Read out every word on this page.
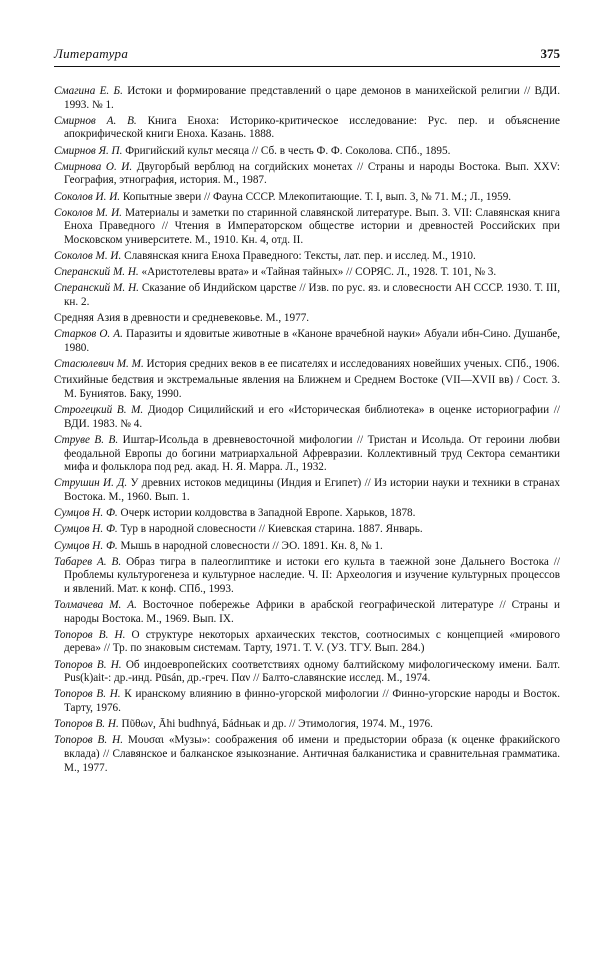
Литература	375
Смагина Е. Б. Истоки и формирование представлений о царе демонов в манихейской религии // ВДИ. 1993. № 1.
Смирнов А. В. Книга Еноха: Историко-критическое исследование: Рус. пер. и объяснение апокрифической книги Еноха. Казань. 1888.
Смирнов Я. П. Фригийский культ месяца // Сб. в честь Ф. Ф. Соколова. СПб., 1895.
Смирнова О. И. Двугорбый верблюд на согдийских монетах // Страны и народы Востока. Вып. XXV: География, этнография, история. М., 1987.
Соколов И. И. Копытные звери // Фауна СССР. Млекопитающие. Т. I, вып. 3, № 71. М.; Л., 1959.
Соколов М. И. Материалы и заметки по старинной славянской литературе. Вып. 3. VII: Славянская книга Еноха Праведного // Чтения в Императорском обществе истории и древностей Российских при Московском университете. М., 1910. Кн. 4, отд. II.
Соколов М. И. Славянская книга Еноха Праведного: Тексты, лат. пер. и исслед. М., 1910.
Сперанский М. Н. «Аристотелевы врата» и «Тайная тайных» // СОРЯС. Л., 1928. Т. 101, № 3.
Сперанский М. Н. Сказание об Индийском царстве // Изв. по рус. яз. и словесности АН СССР. 1930. Т. III, кн. 2.
Средняя Азия в древности и средневековье. М., 1977.
Старков О. А. Паразиты и ядовитые животные в «Каноне врачебной науки» Абуали ибн-Сино. Душанбе, 1980.
Стасюлевич М. М. История средних веков в ее писателях и исследованиях новейших ученых. СПб., 1906.
Стихийные бедствия и экстремальные явления на Ближнем и Среднем Востоке (VII—XVII вв) / Сост. З. М. Буниятов. Баку, 1990.
Строгецкий В. М. Диодор Сицилийский и его «Историческая библиотека» в оценке историографии // ВДИ. 1983. № 4.
Струве В. В. Иштар-Исольда в древневосточной мифологии // Тристан и Исольда. От героини любви феодальной Европы до богини матриархальной Афревразии. Коллективный труд Сектора семантики мифа и фольклора под ред. акад. Н. Я. Марра. Л., 1932.
Струшин И. Д. У древних истоков медицины (Индия и Египет) // Из истории науки и техники в странах Востока. М., 1960. Вып. 1.
Сумцов Н. Ф. Очерк истории колдовства в Западной Европе. Харьков, 1878.
Сумцов Н. Ф. Тур в народной словесности // Киевская старина. 1887. Январь.
Сумцов Н. Ф. Мышь в народной словесности // ЭО. 1891. Кн. 8, № 1.
Табарев А. В. Образ тигра в палеоглиптике и истоки его культа в таежной зоне Дальнего Востока // Проблемы культурогенеза и культурное наследие. Ч. II: Археология и изучение культурных процессов и явлений. Мат. к конф. СПб., 1993.
Толмачева М. А. Восточное побережье Африки в арабской географической литературе // Страны и народы Востока. М., 1969. Вып. IX.
Топоров В. Н. О структуре некоторых архаических текстов, соотносимых с концепцией «мирового дерева» // Тр. по знаковым системам. Тарту, 1971. Т. V. (УЗ. ТГУ. Вып. 284.)
Топоров В. Н. Об индоевропейских соответствиях одному балтийскому мифологическому имени. Балт. Pus(k)ait-: др.-инд. Pūsán, др.-греч. Παν // Балто-славянские исслед. М., 1974.
Топоров В. Н. К иранскому влиянию в финно-угорской мифологии // Финно-угорские народы и Восток. Тарту, 1976.
Топоров В. Н. Πῦθων, Āhi budhnyá, Бádньак и др. // Этимология, 1974. М., 1976.
Топоров В. Н. Μουσαι «Музы»: соображения об имени и предыстории образа (к оценке фракийского вклада) // Славянское и балканское языкознание. Античная балканистика и сравнительная грамматика. М., 1977.
